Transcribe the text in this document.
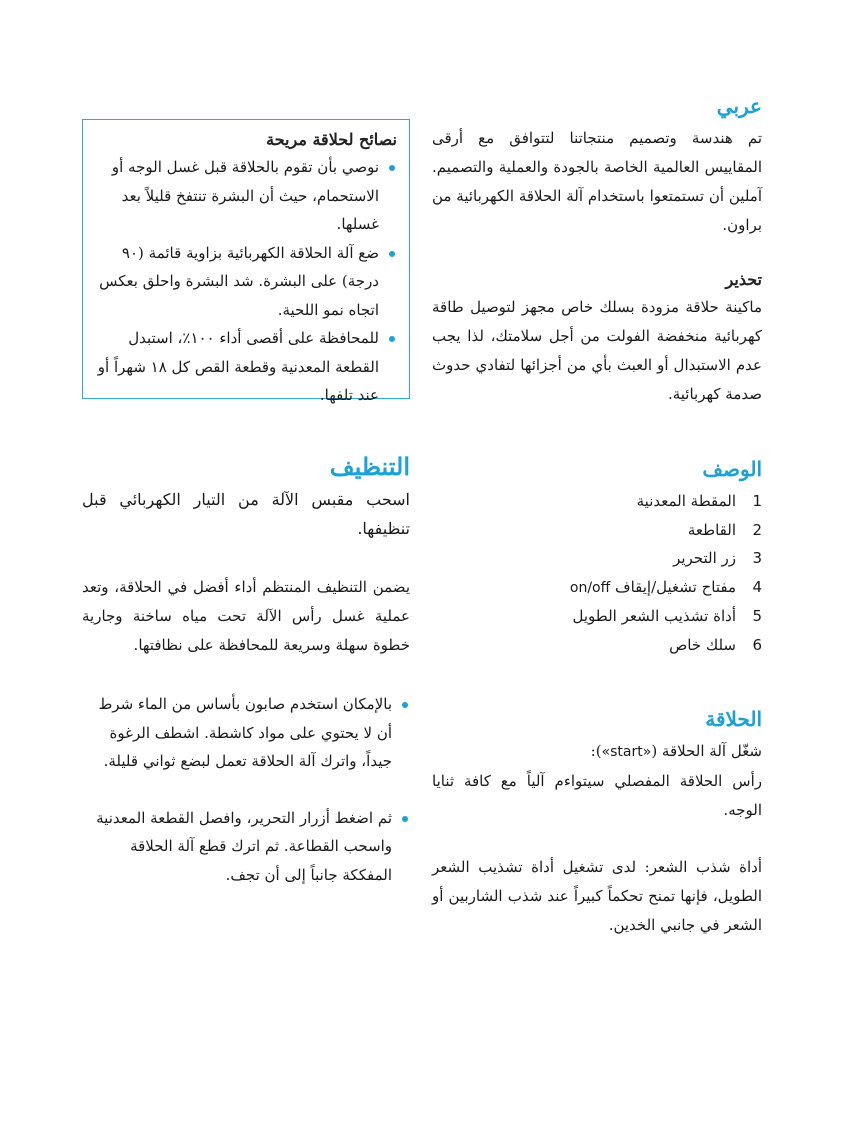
عربي

تم هندسة وتصميم منتجاتنا لتتوافق مع أرقى المقاييس العالمية الخاصة بالجودة والعملية والتصميم. آملين أن تستمتعوا باستخدام آلة الحلاقة الكهربائية من براون.

تحذير

ماكينة حلاقة مزودة بسلك خاص مجهز لتوصيل طاقة كهربائية منخفضة الفولت من أجل سلامتك، لذا يجب عدم الاستبدال أو العبث بأي من أجزائها لتفادي حدوث صدمة كهربائية.

الوصف
1المقطة المعدنية
2القاطعة
3زر التحرير
4مفتاح تشغيل/إيقاف on/off
5أداة تشذيب الشعر الطويل
6سلك خاص
الحلاقة

شغّل آلة الحلاقة («start»):

رأس الحلاقة المفصلي سيتواءم آلياً مع كافة ثنايا الوجه.

أداة شذب الشعر: لدى تشغيل أداة تشذيب الشعر الطويل، فإنها تمنح تحكماً كبيراً عند شذب الشاربين أو الشعر في جانبي الخدين.

نصائح لحلاقة مريحة
نوصي بأن تقوم بالحلاقة قبل غسل الوجه أو الاستحمام، حيث أن البشرة تنتفخ قليلاً بعد غسلها.
ضع آلة الحلاقة الكهربائية بزاوية قائمة (٩٠ درجة) على البشرة. شد البشرة واحلق بعكس اتجاه نمو اللحية.
للمحافظة على أقصى أداء ١٠٠٪، استبدل القطعة المعدنية وقطعة القص كل ١٨ شهراً أو عند تلفها.
التنظيف

اسحب مقبس الآلة من التيار الكهربائي قبل تنظيفها.

يضمن التنظيف المنتظم أداء أفضل في الحلاقة، وتعد عملية غسل رأس الآلة تحت مياه ساخنة وجارية خطوة سهلة وسريعة للمحافظة على نظافتها.

بالإمكان استخدم صابون بأساس من الماء شرط أن لا يحتوي على مواد كاشطة. اشطف الرغوة جيداً، واترك آلة الحلاقة تعمل لبضع ثواني قليلة.
ثم اضغط أزرار التحرير، وافصل القطعة المعدنية واسحب القطاعة. ثم اترك قطع آلة الحلاقة المفككة جانباً إلى أن تجف.
